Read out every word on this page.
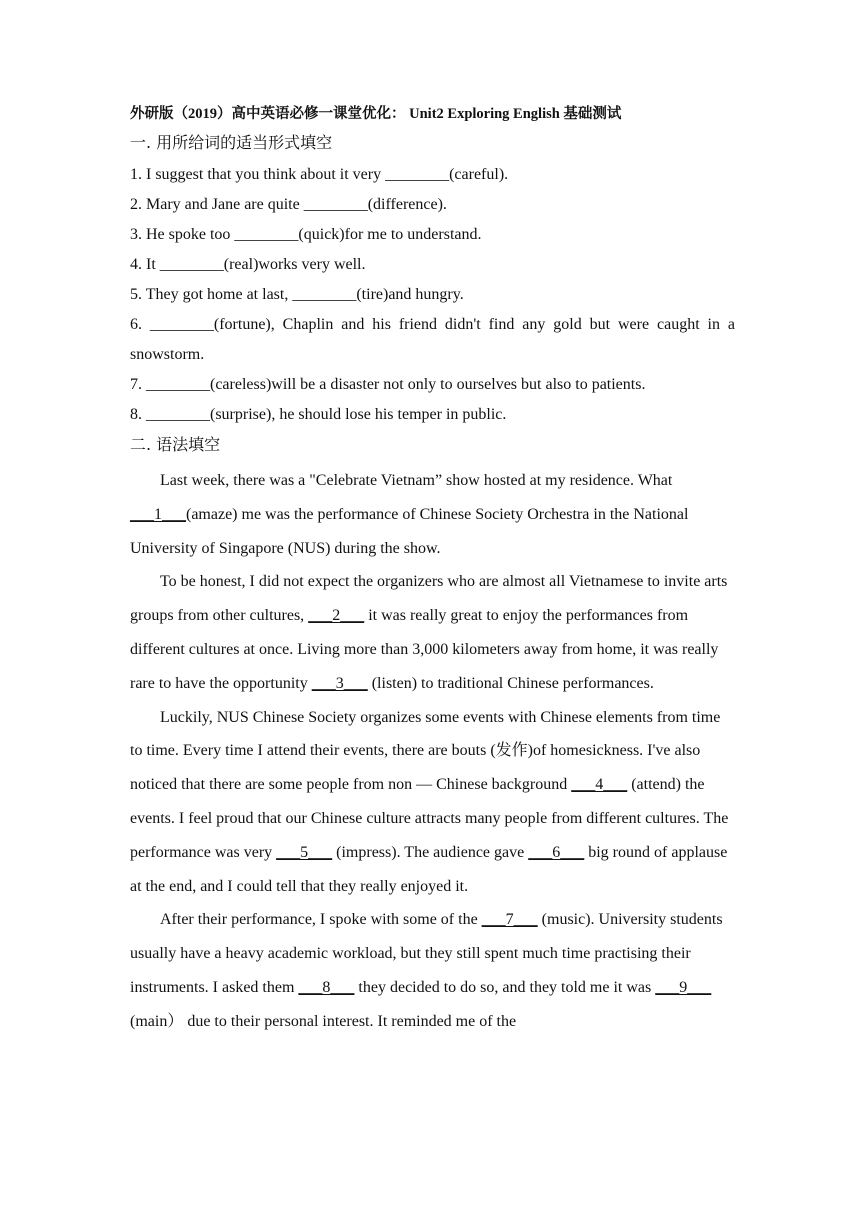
外研版（2019）高中英语必修一课堂优化： Unit2 Exploring English 基础测试
一. 用所给词的适当形式填空
1. I suggest that you think about it very ________(careful).
2. Mary and Jane are quite ________(difference).
3. He spoke too ________(quick)for me to understand.
4. It ________(real)works very well.
5. They got home at last, ________(tire)and hungry.
6. ________(fortune), Chaplin and his friend didn't find any gold but were caught in a snowstorm.
7. ________(careless)will be a disaster not only to ourselves but also to patients.
8. ________(surprise), he should lose his temper in public.
二. 语法填空

Last week, there was a "Celebrate Vietnam” show hosted at my residence. What ___1___(amaze) me was the performance of Chinese Society Orchestra in the National University of Singapore (NUS) during the show.

To be honest, I did not expect the organizers who are almost all Vietnamese to invite arts groups from other cultures, ___2___ it was really great to enjoy the performances from different cultures at once. Living more than 3,000 kilometers away from home, it was really rare to have the opportunity ___3___ (listen) to traditional Chinese performances.

Luckily, NUS Chinese Society organizes some events with Chinese elements from time to time. Every time I attend their events, there are bouts (发作)of homesickness. I've also noticed that there are some people from non — Chinese background ___4___ (attend) the events. I feel proud that our Chinese culture attracts many people from different cultures. The performance was very ___5___ (impress). The audience gave ___6___ big round of applause at the end, and I could tell that they really enjoyed it.

After their performance, I spoke with some of the ___7___ (music). University students usually have a heavy academic workload, but they still spent much time practising their instruments. I asked them ___8___ they decided to do so, and they told me it was ___9___ (main） due to their personal interest. It reminded me of the
